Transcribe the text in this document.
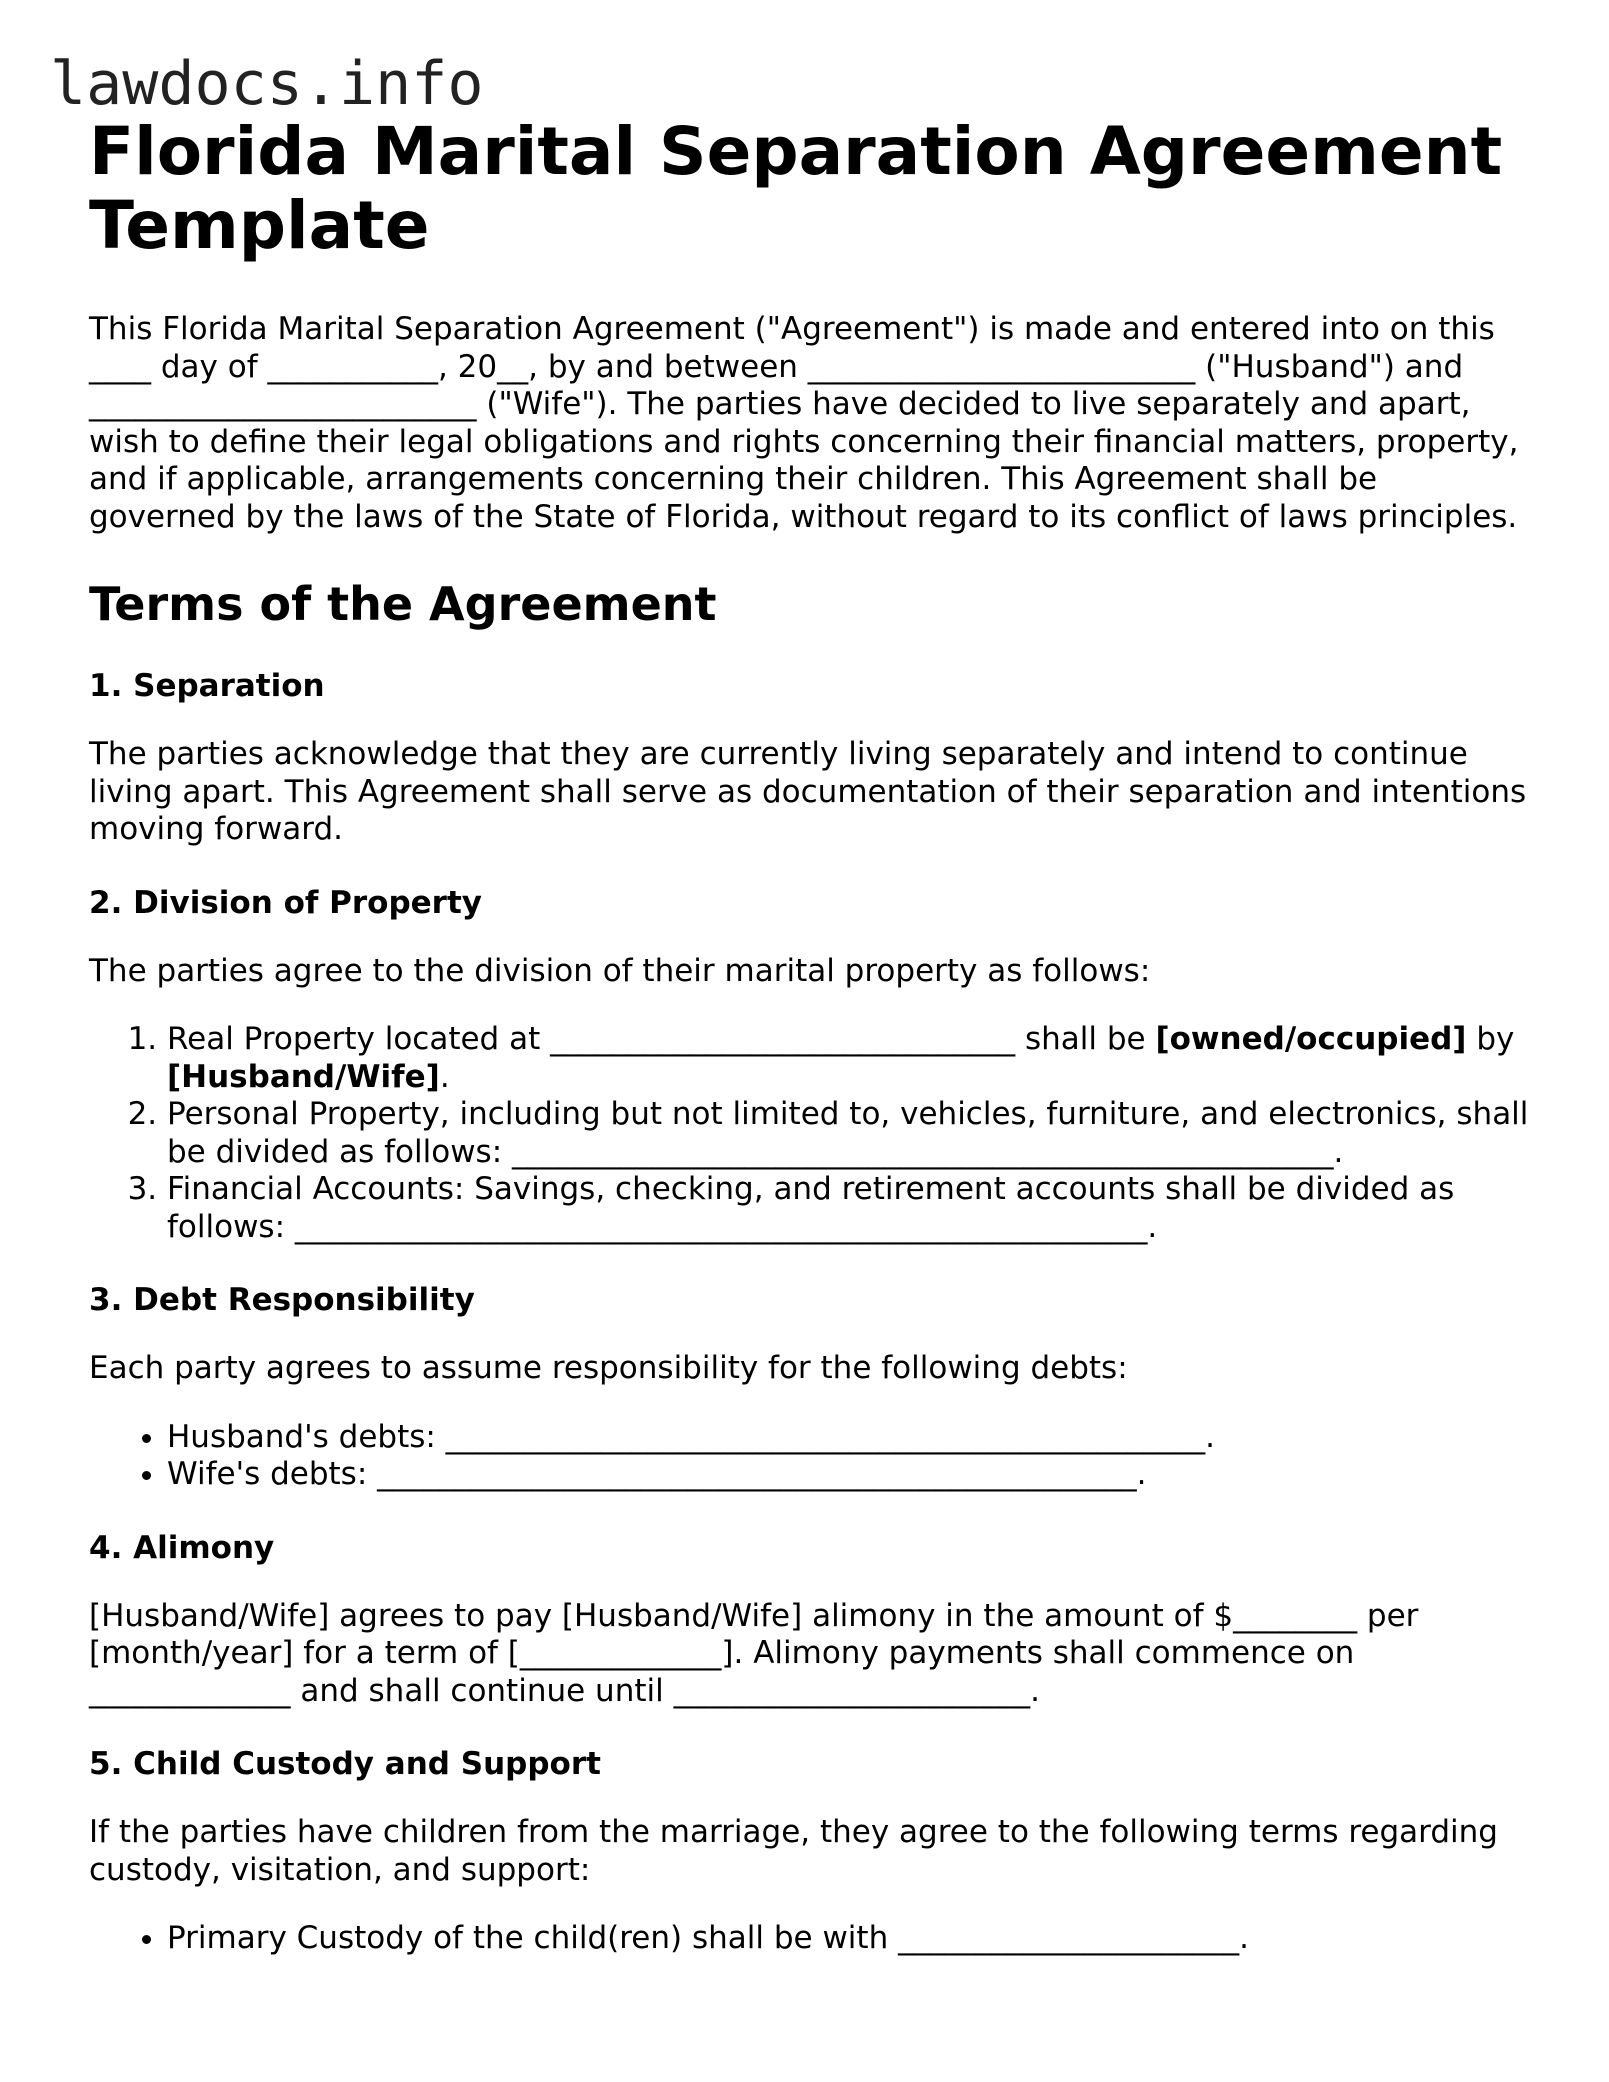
lawdocs.info
Florida Marital Separation Agreement Template

This Florida Marital Separation Agreement ("Agreement") is made and entered into on this ____ day of ___________, 20__, by and between _________________________ ("Husband") and _________________________ ("Wife"). The parties have decided to live separately and apart, wish to define their legal obligations and rights concerning their financial matters, property, and if applicable, arrangements concerning their children. This Agreement shall be governed by the laws of the State of Florida, without regard to its conflict of laws principles.

Terms of the Agreement
1. Separation

The parties acknowledge that they are currently living separately and intend to continue living apart. This Agreement shall serve as documentation of their separation and intentions moving forward.

2. Division of Property

The parties agree to the division of their marital property as follows:

1. Real Property located at ______________________________ shall be [owned/occupied] by [Husband/Wife].
2. Personal Property, including but not limited to, vehicles, furniture, and electronics, shall be divided as follows: _____________________________________________________.
3. Financial Accounts: Savings, checking, and retirement accounts shall be divided as follows: _______________________________________________________.
3. Debt Responsibility

Each party agrees to assume responsibility for the following debts:

• Husband's debts: _________________________________________________.
• Wife's debts: _________________________________________________.
4. Alimony

[Husband/Wife] agrees to pay [Husband/Wife] alimony in the amount of $________ per [month/year] for a term of [_____________]. Alimony payments shall commence on _____________ and shall continue until _______________________.

5. Child Custody and Support

If the parties have children from the marriage, they agree to the following terms regarding custody, visitation, and support:

• Primary Custody of the child(ren) shall be with ______________________.
